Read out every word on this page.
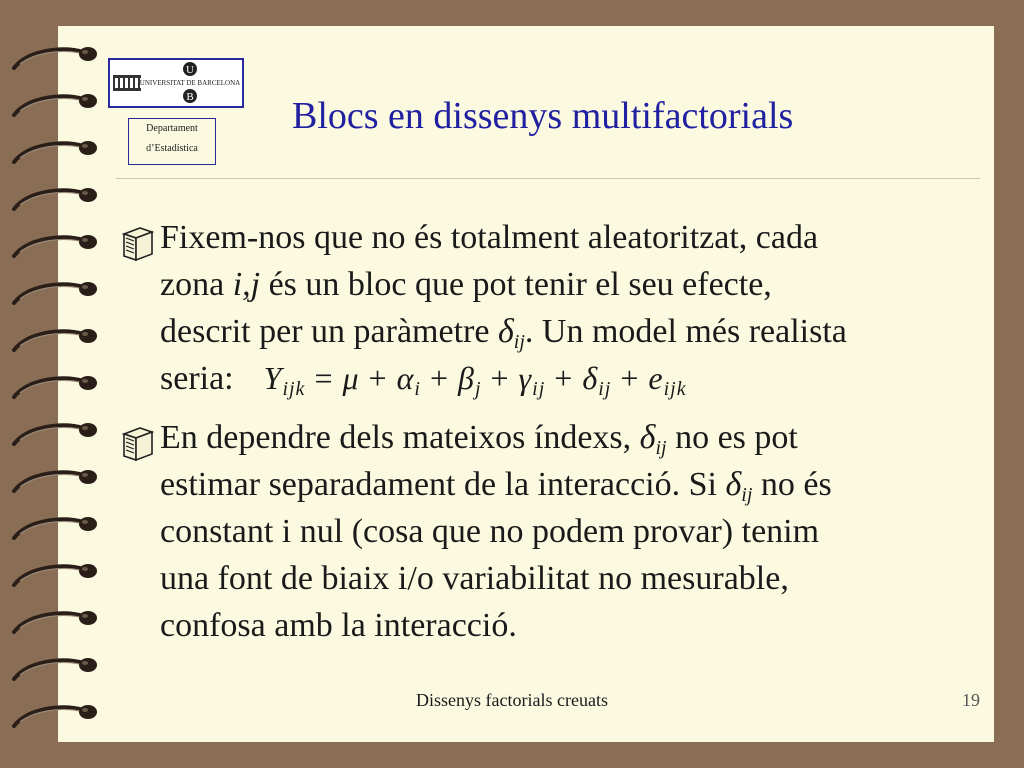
U
UNIVERSITAT DE BARCELONA
B
Departament
d’Estadística
Blocs en dissenys multifactorials
Fixem-nos que no és totalment aleatoritzat, cada
zona i,j és un bloc que pot tenir el seu efecte,
descrit per un paràmetre $\delta_{ij}$. Un model més realista
seria: $Y_{ijk} = \mu + \alpha_i + \beta_j + \gamma_{ij} + \delta_{ij} + e_{ijk}$
En dependre dels mateixos índexs, $\delta_{ij}$ no es pot
estimar separadament de la interacció. Si $\delta_{ij}$ no és
constant i nul (cosa que no podem provar) tenim
una font de biaix i/o variabilitat no mesurable,
confosa amb la interacció.
Dissenys factorials creuats	19
